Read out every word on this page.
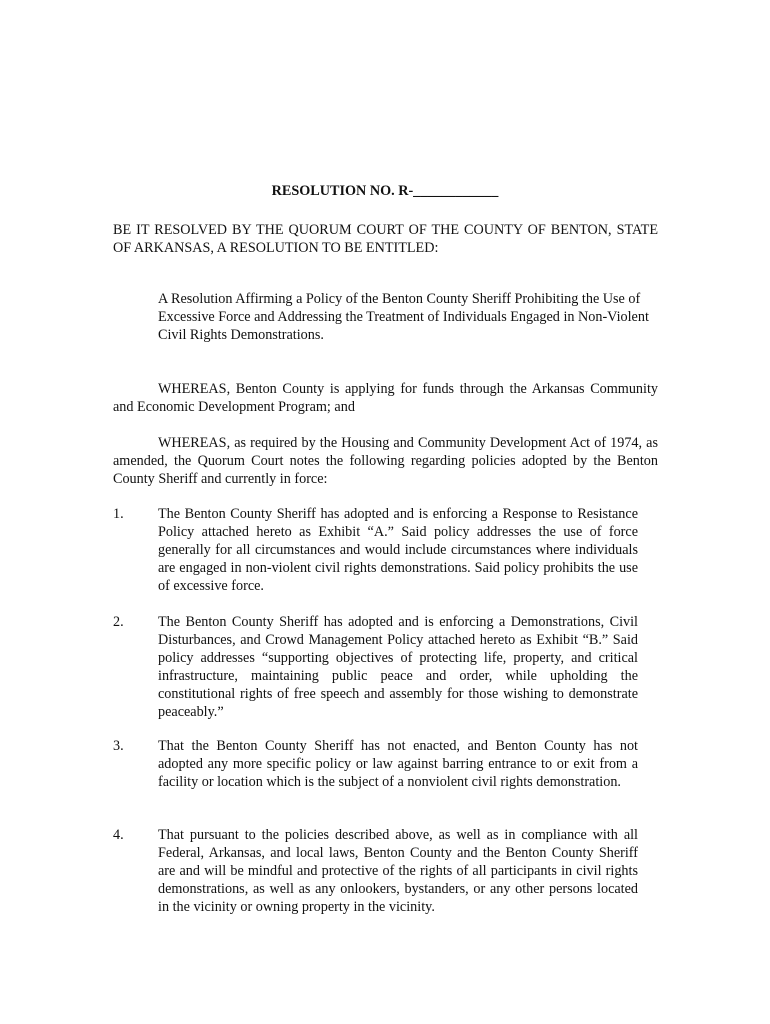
RESOLUTION NO. R-____________

BE IT RESOLVED BY THE QUORUM COURT OF THE COUNTY OF BENTON, STATE OF ARKANSAS, A RESOLUTION TO BE ENTITLED:

A Resolution Affirming a Policy of the Benton County Sheriff Prohibiting the Use of Excessive Force and Addressing the Treatment of Individuals Engaged in Non-Violent Civil Rights Demonstrations.

WHEREAS, Benton County is applying for funds through the Arkansas Community and Economic Development Program; and

WHEREAS, as required by the Housing and Community Development Act of 1974, as amended, the Quorum Court notes the following regarding policies adopted by the Benton County Sheriff and currently in force:

1. The Benton County Sheriff has adopted and is enforcing a Response to Resistance Policy attached hereto as Exhibit “A.” Said policy addresses the use of force generally for all circumstances and would include circumstances where individuals are engaged in non-violent civil rights demonstrations. Said policy prohibits the use of excessive force.

2. The Benton County Sheriff has adopted and is enforcing a Demonstrations, Civil Disturbances, and Crowd Management Policy attached hereto as Exhibit “B.” Said policy addresses “supporting objectives of protecting life, property, and critical infrastructure, maintaining public peace and order, while upholding the constitutional rights of free speech and assembly for those wishing to demonstrate peaceably.”

3. That the Benton County Sheriff has not enacted, and Benton County has not adopted any more specific policy or law against barring entrance to or exit from a facility or location which is the subject of a nonviolent civil rights demonstration.

4. That pursuant to the policies described above, as well as in compliance with all Federal, Arkansas, and local laws, Benton County and the Benton County Sheriff are and will be mindful and protective of the rights of all participants in civil rights demonstrations, as well as any onlookers, bystanders, or any other persons located in the vicinity or owning property in the vicinity.
